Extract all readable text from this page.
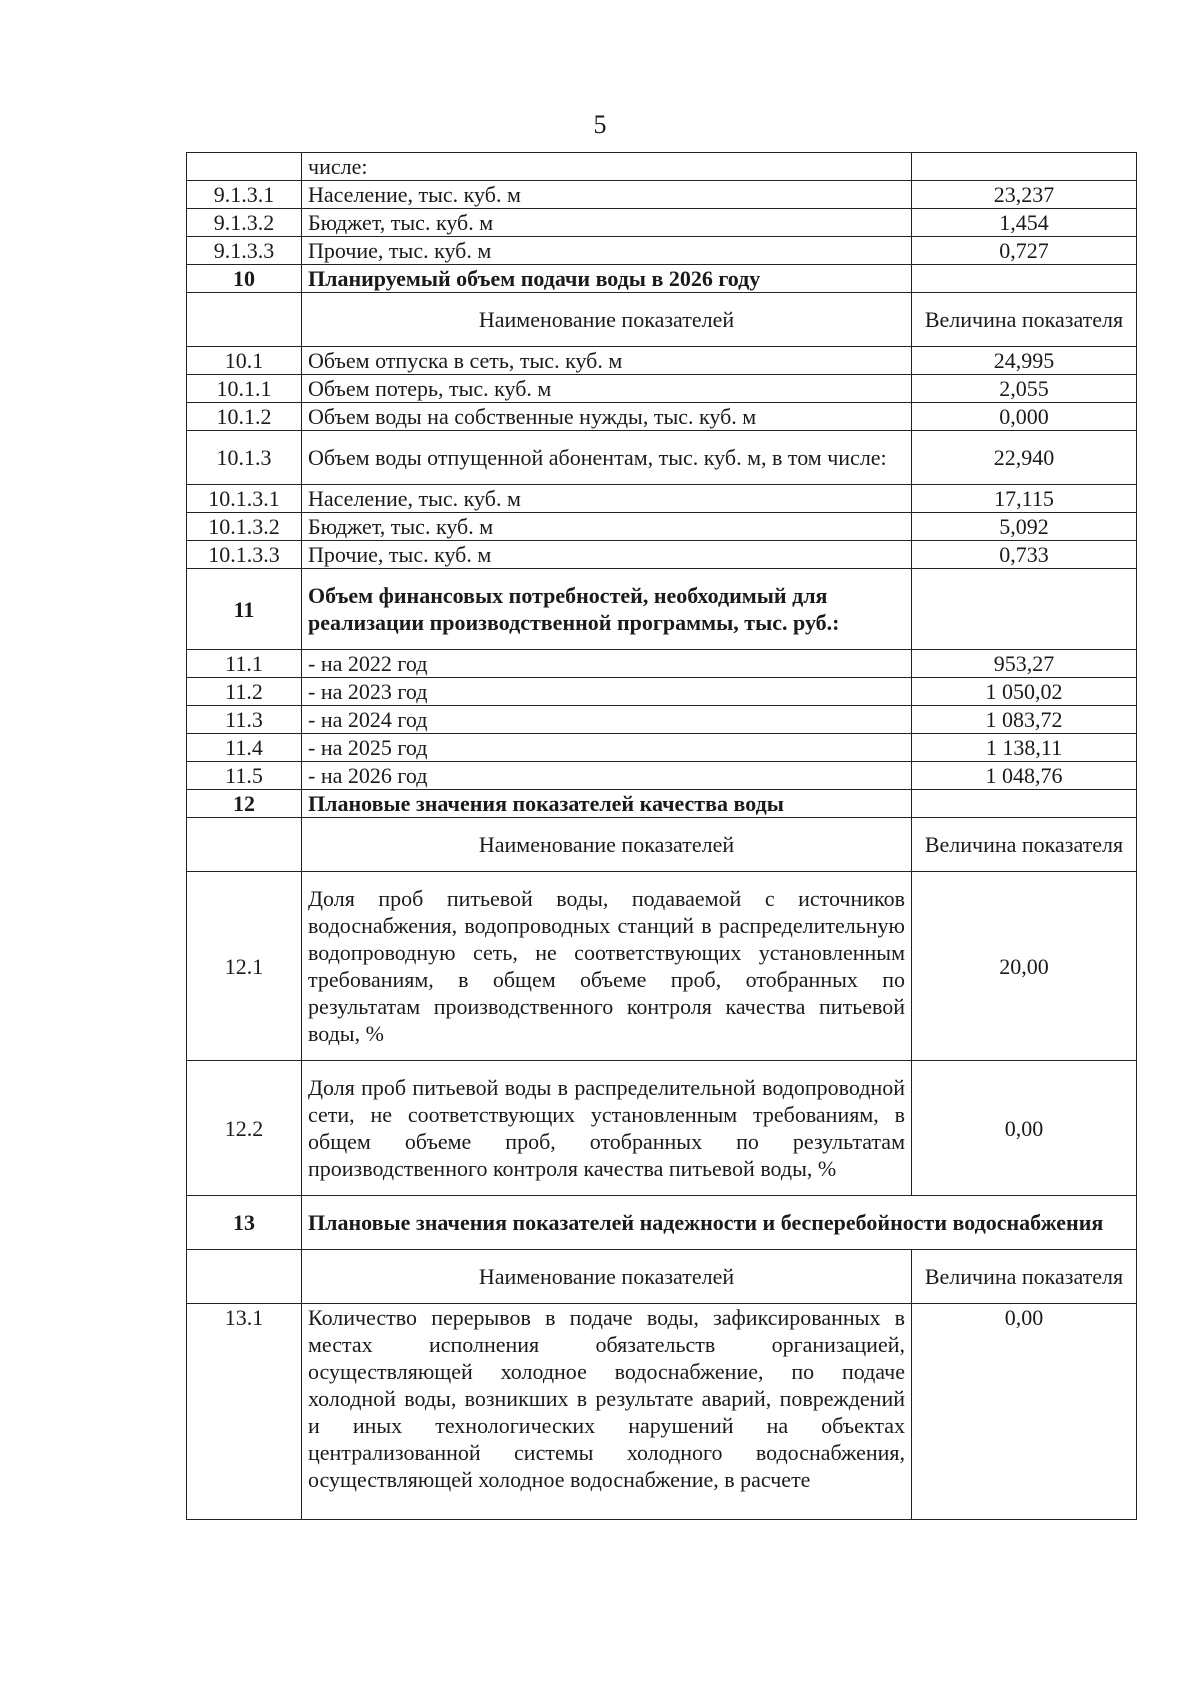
5
	числе:	
9.1.3.1	Население, тыс. куб. м	23,237
9.1.3.2	Бюджет, тыс. куб. м	1,454
9.1.3.3	Прочие, тыс. куб. м	0,727
10	Планируемый объем подачи воды в 2026 году	
	Наименование показателей	Величина показателя
10.1	Объем отпуска в сеть, тыс. куб. м	24,995
10.1.1	Объем потерь, тыс. куб. м	2,055
10.1.2	Объем воды на собственные нужды, тыс. куб. м	0,000
10.1.3	Объем воды отпущенной абонентам, тыс. куб. м, в том числе:	22,940
10.1.3.1	Население, тыс. куб. м	17,115
10.1.3.2	Бюджет, тыс. куб. м	5,092
10.1.3.3	Прочие, тыс. куб. м	0,733
11	Объем финансовых потребностей, необходимый для реализации производственной программы, тыс. руб.:	
11.1	- на 2022 год	953,27
11.2	- на 2023 год	1 050,02
11.3	- на 2024 год	1 083,72
11.4	- на 2025 год	1 138,11
11.5	- на 2026 год	1 048,76
12	Плановые значения показателей качества воды	
	Наименование показателей	Величина показателя
12.1	Доля проб питьевой воды, подаваемой с источников водоснабжения, водопроводных станций в распределительную водопроводную сеть, не соответствующих установленным требованиям, в общем объеме проб, отобранных по результатам производственного контроля качества питьевой воды, %	20,00
12.2	Доля проб питьевой воды в распределительной водопроводной сети, не соответствующих установленным требованиям, в общем объеме проб, отобранных по результатам производственного контроля качества питьевой воды, %	0,00
13	Плановые значения показателей надежности и бесперебойности водоснабжения	
	Наименование показателей	Величина показателя
13.1	Количество перерывов в подаче воды, зафиксированных в местах исполнения обязательств организацией, осуществляющей холодное водоснабжение, по подаче холодной воды, возникших в результате аварий, повреждений и иных технологических нарушений на объектах централизованной системы холодного водоснабжения, осуществляющей холодное водоснабжение, в расчете	0,00
